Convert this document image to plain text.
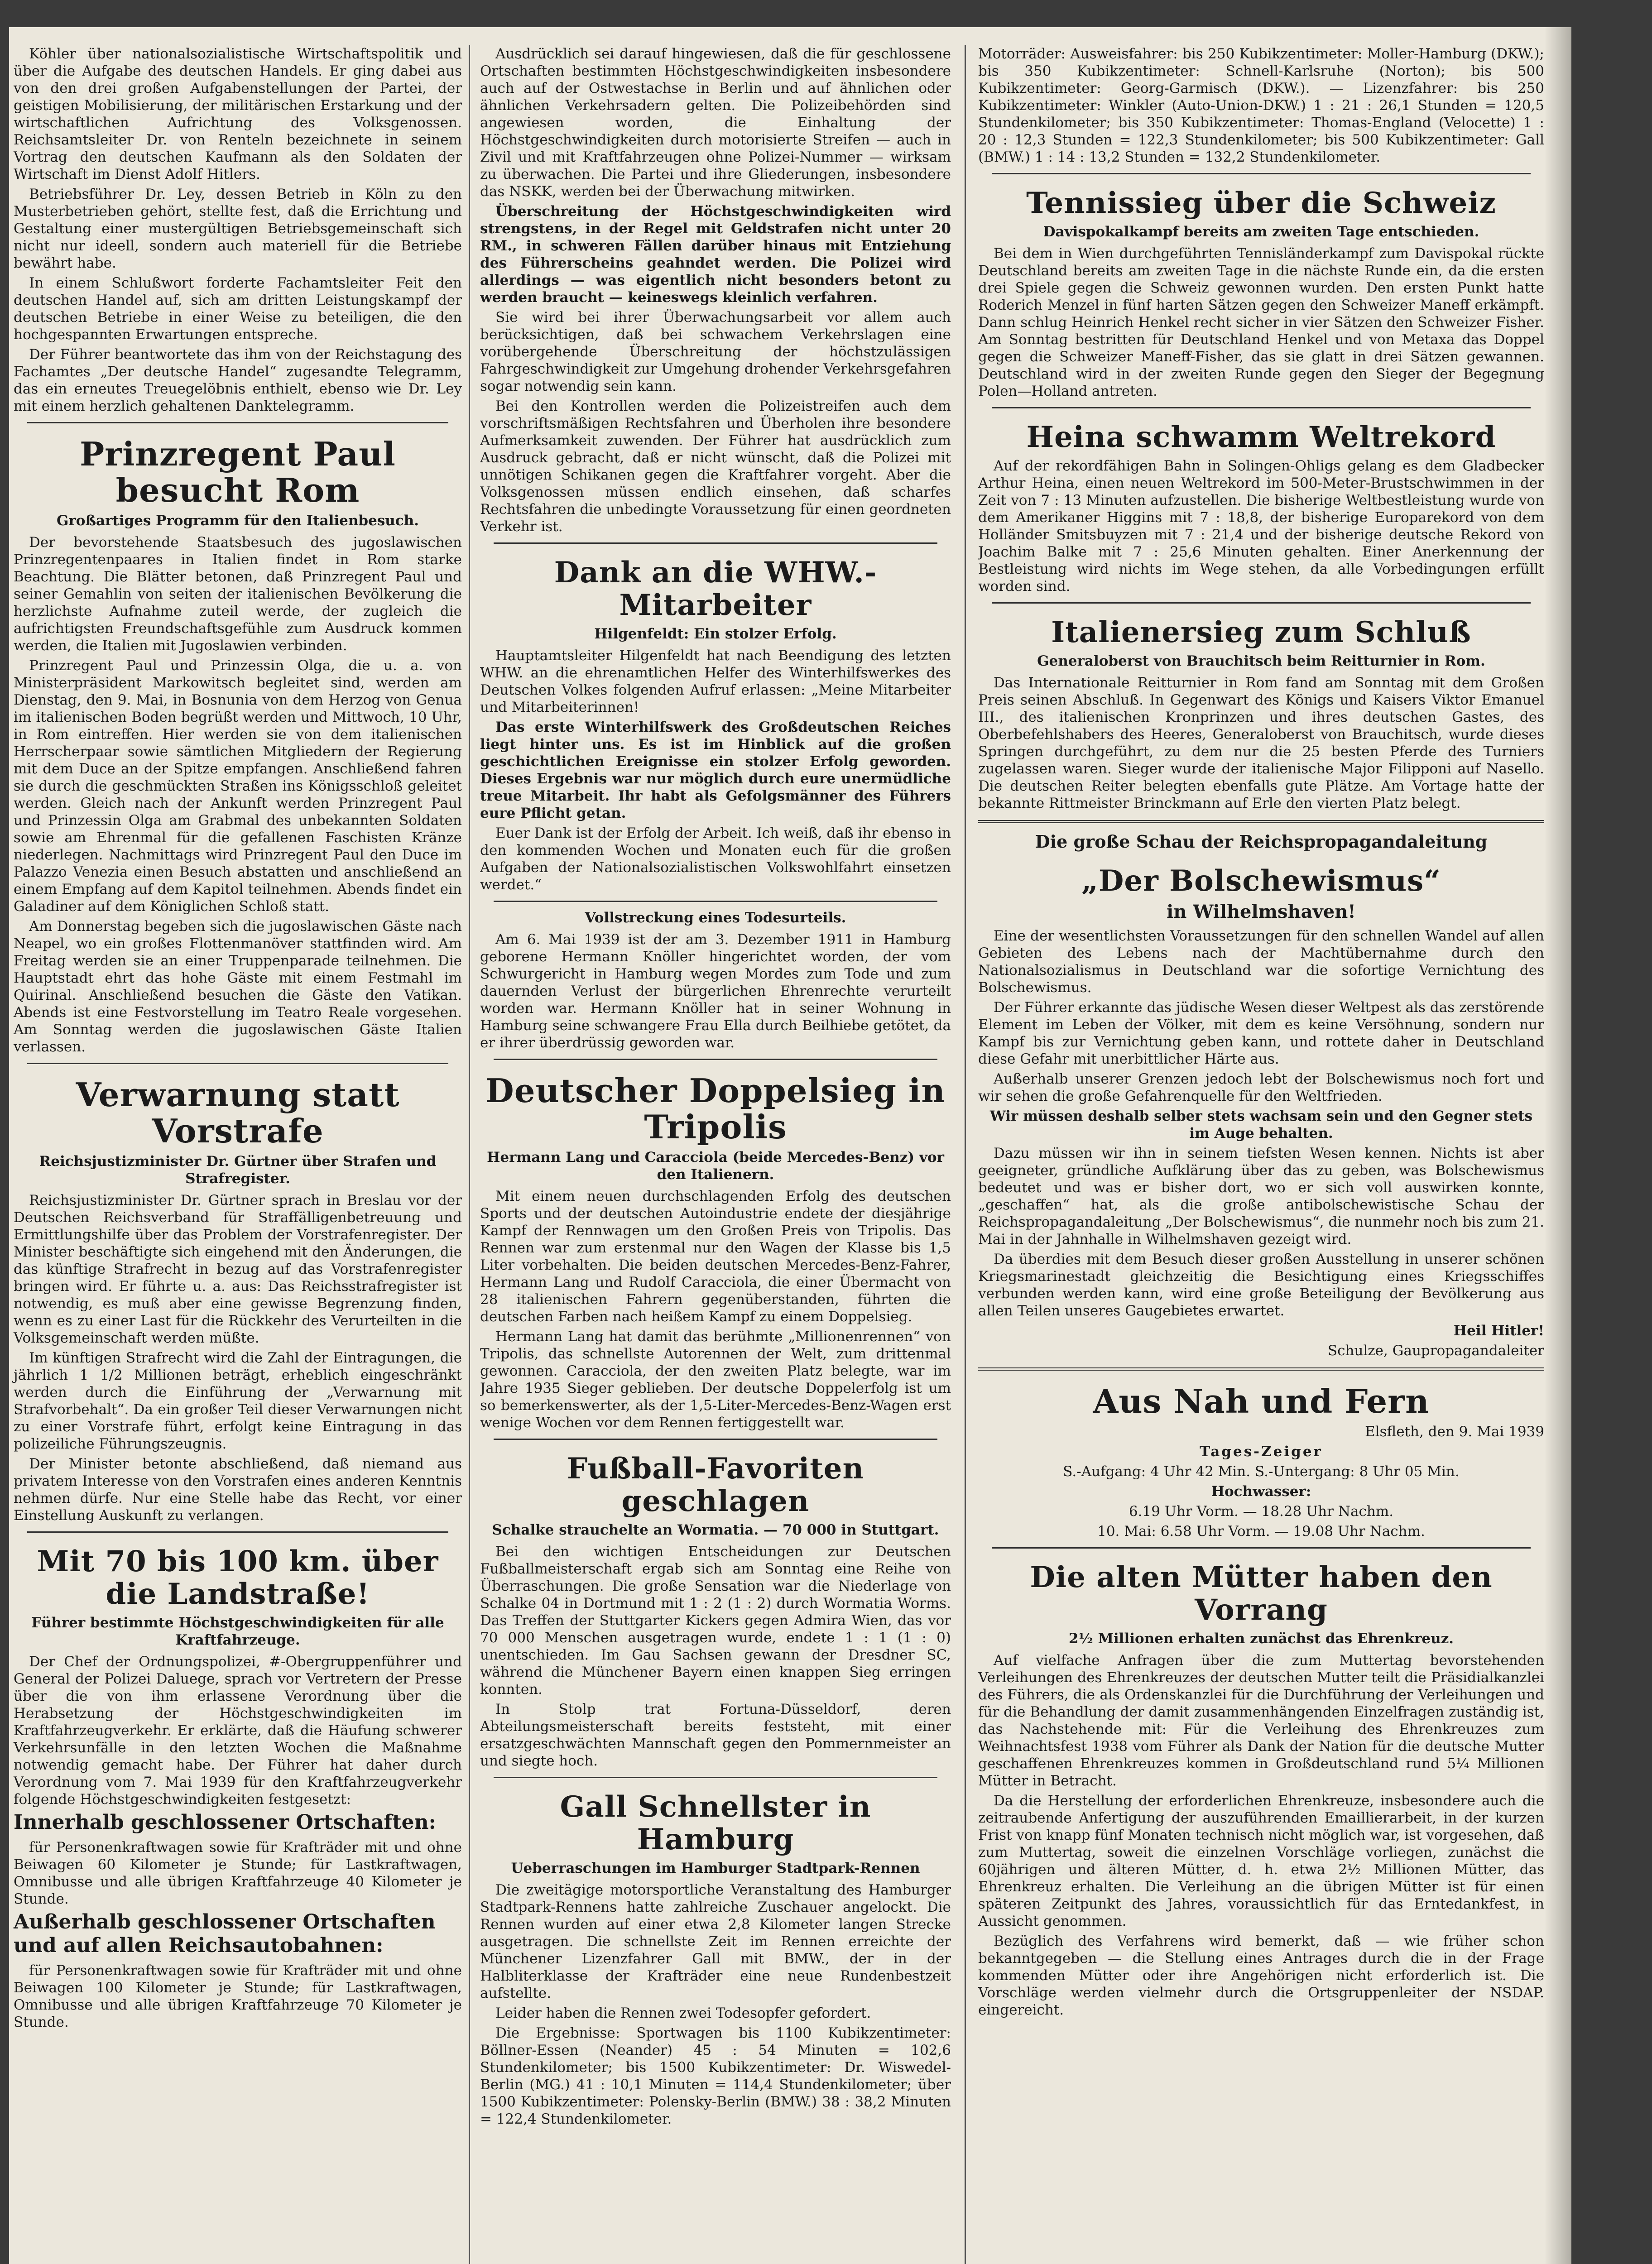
Köhler über nationalsozialistische Wirtschaftspolitik und über die Aufgabe des deutschen Handels. Er ging dabei aus von den drei großen Aufgabenstellungen der Partei, der geistigen Mobilisierung, der militärischen Erstarkung und der wirtschaftlichen Aufrichtung des Volksgenossen. Reichsamtsleiter Dr. von Renteln bezeichnete in seinem Vortrag den deutschen Kaufmann als den Soldaten der Wirtschaft im Dienst Adolf Hitlers.

Betriebsführer Dr. Ley, dessen Betrieb in Köln zu den Musterbetrieben gehört, stellte fest, daß die Errichtung und Gestaltung einer mustergültigen Betriebsgemeinschaft sich nicht nur ideell, sondern auch materiell für die Betriebe bewährt habe.

In einem Schlußwort forderte Fachamtsleiter Feit den deutschen Handel auf, sich am dritten Leistungskampf der deutschen Betriebe in einer Weise zu beteiligen, die den hochgespannten Erwartungen entspreche.

Der Führer beantwortete das ihm von der Reichstagung des Fachamtes „Der deutsche Handel“ zugesandte Telegramm, das ein erneutes Treuegelöbnis enthielt, ebenso wie Dr. Ley mit einem herzlich gehaltenen Danktelegramm.

Prinzregent Paul besucht Rom
Großartiges Programm für den Italienbesuch.

Der bevorstehende Staatsbesuch des jugoslawischen Prinzregentenpaares in Italien findet in Rom starke Beachtung. Die Blätter betonen, daß Prinzregent Paul und seiner Gemahlin von seiten der italienischen Bevölkerung die herzlichste Aufnahme zuteil werde, der zugleich die aufrichtigsten Freundschaftsgefühle zum Ausdruck kommen werden, die Italien mit Jugoslawien verbinden.

Prinzregent Paul und Prinzessin Olga, die u. a. von Ministerpräsident Markowitsch begleitet sind, werden am Dienstag, den 9. Mai, in Bosnunia von dem Herzog von Genua im italienischen Boden begrüßt werden und Mittwoch, 10 Uhr, in Rom eintreffen. Hier werden sie von dem italienischen Herrscherpaar sowie sämtlichen Mitgliedern der Regierung mit dem Duce an der Spitze empfangen. Anschließend fahren sie durch die geschmückten Straßen ins Königsschloß geleitet werden. Gleich nach der Ankunft werden Prinzregent Paul und Prinzessin Olga am Grabmal des unbekannten Soldaten sowie am Ehrenmal für die gefallenen Faschisten Kränze niederlegen. Nachmittags wird Prinzregent Paul den Duce im Palazzo Venezia einen Besuch abstatten und anschließend an einem Empfang auf dem Kapitol teilnehmen. Abends findet ein Galadiner auf dem Königlichen Schloß statt.

Am Donnerstag begeben sich die jugoslawischen Gäste nach Neapel, wo ein großes Flottenmanöver stattfinden wird. Am Freitag werden sie an einer Truppenparade teilnehmen. Die Hauptstadt ehrt das hohe Gäste mit einem Festmahl im Quirinal. Anschließend besuchen die Gäste den Vatikan. Abends ist eine Festvorstellung im Teatro Reale vorgesehen. Am Sonntag werden die jugoslawischen Gäste Italien verlassen.

Verwarnung statt Vorstrafe
Reichsjustizminister Dr. Gürtner über Strafen und Strafregister.

Reichsjustizminister Dr. Gürtner sprach in Breslau vor der Deutschen Reichsverband für Straffälligenbetreuung und Ermittlungshilfe über das Problem der Vorstrafenregister. Der Minister beschäftigte sich eingehend mit den Änderungen, die das künftige Strafrecht in bezug auf das Vorstrafenregister bringen wird. Er führte u. a. aus: Das Reichsstrafregister ist notwendig, es muß aber eine gewisse Begrenzung finden, wenn es zu einer Last für die Rückkehr des Verurteilten in die Volksgemeinschaft werden müßte.

Im künftigen Strafrecht wird die Zahl der Eintragungen, die jährlich 1 1/2 Millionen beträgt, erheblich eingeschränkt werden durch die Einführung der „Verwarnung mit Strafvorbehalt“. Da ein großer Teil dieser Verwarnungen nicht zu einer Vorstrafe führt, erfolgt keine Eintragung in das polizeiliche Führungszeugnis.

Der Minister betonte abschließend, daß niemand aus privatem Interesse von den Vorstrafen eines anderen Kenntnis nehmen dürfe. Nur eine Stelle habe das Recht, vor einer Einstellung Auskunft zu verlangen.

Mit 70 bis 100 km. über die Landstraße!
Führer bestimmte Höchstgeschwindigkeiten für alle Kraftfahrzeuge.

Der Chef der Ordnungspolizei, #-Obergruppenführer und General der Polizei Daluege, sprach vor Vertretern der Presse über die von ihm erlassene Verordnung über die Herabsetzung der Höchstgeschwindigkeiten im Kraftfahrzeugverkehr. Er erklärte, daß die Häufung schwerer Verkehrsunfälle in den letzten Wochen die Maßnahme notwendig gemacht habe. Der Führer hat daher durch Verordnung vom 7. Mai 1939 für den Kraftfahrzeugverkehr folgende Höchstgeschwindigkeiten festgesetzt:

Innerhalb geschlossener Ortschaften:

für Personenkraftwagen sowie für Krafträder mit und ohne Beiwagen 60 Kilometer je Stunde; für Lastkraftwagen, Omnibusse und alle übrigen Kraftfahrzeuge 40 Kilometer je Stunde.

Außerhalb geschlossener Ortschaften und auf allen Reichsautobahnen:

für Personenkraftwagen sowie für Krafträder mit und ohne Beiwagen 100 Kilometer je Stunde; für Lastkraftwagen, Omnibusse und alle übrigen Kraftfahrzeuge 70 Kilometer je Stunde.

Ausdrücklich sei darauf hingewiesen, daß die für geschlossene Ortschaften bestimmten Höchstgeschwindigkeiten insbesondere auch auf der Ostwestachse in Berlin und auf ähnlichen oder ähnlichen Verkehrsadern gelten. Die Polizeibehörden sind angewiesen worden, die Einhaltung der Höchstgeschwindigkeiten durch motorisierte Streifen — auch in Zivil und mit Kraftfahrzeugen ohne Polizei-Nummer — wirksam zu überwachen. Die Partei und ihre Gliederungen, insbesondere das NSKK, werden bei der Überwachung mitwirken.

Überschreitung der Höchstgeschwindigkeiten wird strengstens, in der Regel mit Geldstrafen nicht unter 20 RM., in schweren Fällen darüber hinaus mit Entziehung des Führerscheins geahndet werden. Die Polizei wird allerdings — was eigentlich nicht besonders betont zu werden braucht — keineswegs kleinlich verfahren.

Sie wird bei ihrer Überwachungsarbeit vor allem auch berücksichtigen, daß bei schwachem Verkehrslagen eine vorübergehende Überschreitung der höchstzulässigen Fahrgeschwindigkeit zur Umgehung drohender Verkehrsgefahren sogar notwendig sein kann.

Bei den Kontrollen werden die Polizeistreifen auch dem vorschriftsmäßigen Rechtsfahren und Überholen ihre besondere Aufmerksamkeit zuwenden. Der Führer hat ausdrücklich zum Ausdruck gebracht, daß er nicht wünscht, daß die Polizei mit unnötigen Schikanen gegen die Kraftfahrer vorgeht. Aber die Volksgenossen müssen endlich einsehen, daß scharfes Rechtsfahren die unbedingte Voraussetzung für einen geordneten Verkehr ist.

Dank an die WHW.-Mitarbeiter
Hilgenfeldt: Ein stolzer Erfolg.

Hauptamtsleiter Hilgenfeldt hat nach Beendigung des letzten WHW. an die ehrenamtlichen Helfer des Winterhilfswerkes des Deutschen Volkes folgenden Aufruf erlassen: „Meine Mitarbeiter und Mitarbeiterinnen!

Das erste Winterhilfswerk des Großdeutschen Reiches liegt hinter uns. Es ist im Hinblick auf die großen geschichtlichen Ereignisse ein stolzer Erfolg geworden. Dieses Ergebnis war nur möglich durch eure unermüdliche treue Mitarbeit. Ihr habt als Gefolgsmänner des Führers eure Pflicht getan.

Euer Dank ist der Erfolg der Arbeit. Ich weiß, daß ihr ebenso in den kommenden Wochen und Monaten euch für die großen Aufgaben der Nationalsozialistischen Volkswohlfahrt einsetzen werdet.“

Vollstreckung eines Todesurteils.

Am 6. Mai 1939 ist der am 3. Dezember 1911 in Hamburg geborene Hermann Knöller hingerichtet worden, der vom Schwurgericht in Hamburg wegen Mordes zum Tode und zum dauernden Verlust der bürgerlichen Ehrenrechte verurteilt worden war. Hermann Knöller hat in seiner Wohnung in Hamburg seine schwangere Frau Ella durch Beilhiebe getötet, da er ihrer überdrüssig geworden war.

Deutscher Doppelsieg in Tripolis
Hermann Lang und Caracciola (beide Mercedes-Benz) vor den Italienern.

Mit einem neuen durchschlagenden Erfolg des deutschen Sports und der deutschen Autoindustrie endete der diesjährige Kampf der Rennwagen um den Großen Preis von Tripolis. Das Rennen war zum erstenmal nur den Wagen der Klasse bis 1,5 Liter vorbehalten. Die beiden deutschen Mercedes-Benz-Fahrer, Hermann Lang und Rudolf Caracciola, die einer Übermacht von 28 italienischen Fahrern gegenüberstanden, führten die deutschen Farben nach heißem Kampf zu einem Doppelsieg.

Hermann Lang hat damit das berühmte „Millionenrennen“ von Tripolis, das schnellste Autorennen der Welt, zum drittenmal gewonnen. Caracciola, der den zweiten Platz belegte, war im Jahre 1935 Sieger geblieben. Der deutsche Doppelerfolg ist um so bemerkenswerter, als der 1,5-Liter-Mercedes-Benz-Wagen erst wenige Wochen vor dem Rennen fertiggestellt war.

Fußball-Favoriten geschlagen
Schalke strauchelte an Wormatia. — 70 000 in Stuttgart.

Bei den wichtigen Entscheidungen zur Deutschen Fußballmeisterschaft ergab sich am Sonntag eine Reihe von Überraschungen. Die große Sensation war die Niederlage von Schalke 04 in Dortmund mit 1 : 2 (1 : 2) durch Wormatia Worms. Das Treffen der Stuttgarter Kickers gegen Admira Wien, das vor 70 000 Menschen ausgetragen wurde, endete 1 : 1 (1 : 0) unentschieden. Im Gau Sachsen gewann der Dresdner SC, während die Münchener Bayern einen knappen Sieg erringen konnten.

In Stolp trat Fortuna-Düsseldorf, deren Abteilungsmeisterschaft bereits feststeht, mit einer ersatzgeschwächten Mannschaft gegen den Pommernmeister an und siegte hoch.

Gall Schnellster in Hamburg
Ueberraschungen im Hamburger Stadtpark-Rennen

Die zweitägige motorsportliche Veranstaltung des Hamburger Stadtpark-Rennens hatte zahlreiche Zuschauer angelockt. Die Rennen wurden auf einer etwa 2,8 Kilometer langen Strecke ausgetragen. Die schnellste Zeit im Rennen erreichte der Münchener Lizenzfahrer Gall mit BMW., der in der Halbliterklasse der Krafträder eine neue Rundenbestzeit aufstellte.

Leider haben die Rennen zwei Todesopfer gefordert.

Die Ergebnisse: Sportwagen bis 1100 Kubikzentimeter: Böllner-Essen (Neander) 45 : 54 Minuten = 102,6 Stundenkilometer; bis 1500 Kubikzentimeter: Dr. Wiswedel-Berlin (MG.) 41 : 10,1 Minuten = 114,4 Stundenkilometer; über 1500 Kubikzentimeter: Polensky-Berlin (BMW.) 38 : 38,2 Minuten = 122,4 Stundenkilometer.

Motorräder: Ausweisfahrer: bis 250 Kubikzentimeter: Moller-Hamburg (DKW.); bis 350 Kubikzentimeter: Schnell-Karlsruhe (Norton); bis 500 Kubikzentimeter: Georg-Garmisch (DKW.). — Lizenzfahrer: bis 250 Kubikzentimeter: Winkler (Auto-Union-DKW.) 1 : 21 : 26,1 Stunden = 120,5 Stundenkilometer; bis 350 Kubikzentimeter: Thomas-England (Velocette) 1 : 20 : 12,3 Stunden = 122,3 Stundenkilometer; bis 500 Kubikzentimeter: Gall (BMW.) 1 : 14 : 13,2 Stunden = 132,2 Stundenkilometer.

Tennissieg über die Schweiz
Davispokalkampf bereits am zweiten Tage entschieden.

Bei dem in Wien durchgeführten Tennisländerkampf zum Davispokal rückte Deutschland bereits am zweiten Tage in die nächste Runde ein, da die ersten drei Spiele gegen die Schweiz gewonnen wurden. Den ersten Punkt hatte Roderich Menzel in fünf harten Sätzen gegen den Schweizer Maneff erkämpft. Dann schlug Heinrich Henkel recht sicher in vier Sätzen den Schweizer Fisher. Am Sonntag bestritten für Deutschland Henkel und von Metaxa das Doppel gegen die Schweizer Maneff-Fisher, das sie glatt in drei Sätzen gewannen. Deutschland wird in der zweiten Runde gegen den Sieger der Begegnung Polen—Holland antreten.

Heina schwamm Weltrekord

Auf der rekordfähigen Bahn in Solingen-Ohligs gelang es dem Gladbecker Arthur Heina, einen neuen Weltrekord im 500-Meter-Brustschwimmen in der Zeit von 7 : 13 Minuten aufzustellen. Die bisherige Weltbestleistung wurde von dem Amerikaner Higgins mit 7 : 18,8, der bisherige Europarekord von dem Holländer Smitsbuyzen mit 7 : 21,4 und der bisherige deutsche Rekord von Joachim Balke mit 7 : 25,6 Minuten gehalten. Einer Anerkennung der Bestleistung wird nichts im Wege stehen, da alle Vorbedingungen erfüllt worden sind.

Italienersieg zum Schluß
Generaloberst von Brauchitsch beim Reitturnier in Rom.

Das Internationale Reitturnier in Rom fand am Sonntag mit dem Großen Preis seinen Abschluß. In Gegenwart des Königs und Kaisers Viktor Emanuel III., des italienischen Kronprinzen und ihres deutschen Gastes, des Oberbefehlshabers des Heeres, Generaloberst von Brauchitsch, wurde dieses Springen durchgeführt, zu dem nur die 25 besten Pferde des Turniers zugelassen waren. Sieger wurde der italienische Major Filipponi auf Nasello. Die deutschen Reiter belegten ebenfalls gute Plätze. Am Vortage hatte der bekannte Rittmeister Brinckmann auf Erle den vierten Platz belegt.

Die große Schau der Reichspropagandaleitung
„Der Bolschewismus“
in Wilhelmshaven!

Eine der wesentlichsten Voraussetzungen für den schnellen Wandel auf allen Gebieten des Lebens nach der Machtübernahme durch den Nationalsozialismus in Deutschland war die sofortige Vernichtung des Bolschewismus.

Der Führer erkannte das jüdische Wesen dieser Weltpest als das zerstörende Element im Leben der Völker, mit dem es keine Versöhnung, sondern nur Kampf bis zur Vernichtung geben kann, und rottete daher in Deutschland diese Gefahr mit unerbittlicher Härte aus.

Außerhalb unserer Grenzen jedoch lebt der Bolschewismus noch fort und wir sehen die große Gefahrenquelle für den Weltfrieden.

Wir müssen deshalb selber stets wachsam sein und den Gegner stets im Auge behalten.

Dazu müssen wir ihn in seinem tiefsten Wesen kennen. Nichts ist aber geeigneter, gründliche Aufklärung über das zu geben, was Bolschewismus bedeutet und was er bisher dort, wo er sich voll auswirken konnte, „geschaffen“ hat, als die große antibolschewistische Schau der Reichspropagandaleitung „Der Bolschewismus“, die nunmehr noch bis zum 21. Mai in der Jahnhalle in Wilhelmshaven gezeigt wird.

Da überdies mit dem Besuch dieser großen Ausstellung in unserer schönen Kriegsmarinestadt gleichzeitig die Besichtigung eines Kriegsschiffes verbunden werden kann, wird eine große Beteiligung der Bevölkerung aus allen Teilen unseres Gaugebietes erwartet.

Heil Hitler!

Schulze, Gaupropagandaleiter

Aus Nah und Fern

Elsfleth, den 9. Mai 1939

Tages-Zeiger

S.-Aufgang: 4 Uhr 42 Min. S.-Untergang: 8 Uhr 05 Min.

Hochwasser:

6.19 Uhr Vorm. — 18.28 Uhr Nachm.

10. Mai: 6.58 Uhr Vorm. — 19.08 Uhr Nachm.

Die alten Mütter haben den Vorrang
2½ Millionen erhalten zunächst das Ehrenkreuz.

Auf vielfache Anfragen über die zum Muttertag bevorstehenden Verleihungen des Ehrenkreuzes der deutschen Mutter teilt die Präsidialkanzlei des Führers, die als Ordenskanzlei für die Durchführung der Verleihungen und für die Behandlung der damit zusammenhängenden Einzelfragen zuständig ist, das Nachstehende mit: Für die Verleihung des Ehrenkreuzes zum Weihnachtsfest 1938 vom Führer als Dank der Nation für die deutsche Mutter geschaffenen Ehrenkreuzes kommen in Großdeutschland rund 5¼ Millionen Mütter in Betracht.

Da die Herstellung der erforderlichen Ehrenkreuze, insbesondere auch die zeitraubende Anfertigung der auszuführenden Emaillierarbeit, in der kurzen Frist von knapp fünf Monaten technisch nicht möglich war, ist vorgesehen, daß zum Muttertag, soweit die einzelnen Vorschläge vorliegen, zunächst die 60jährigen und älteren Mütter, d. h. etwa 2½ Millionen Mütter, das Ehrenkreuz erhalten. Die Verleihung an die übrigen Mütter ist für einen späteren Zeitpunkt des Jahres, voraussichtlich für das Erntedankfest, in Aussicht genommen.

Bezüglich des Verfahrens wird bemerkt, daß — wie früher schon bekanntgegeben — die Stellung eines Antrages durch die in der Frage kommenden Mütter oder ihre Angehörigen nicht erforderlich ist. Die Vorschläge werden vielmehr durch die Ortsgruppenleiter der NSDAP. eingereicht.
